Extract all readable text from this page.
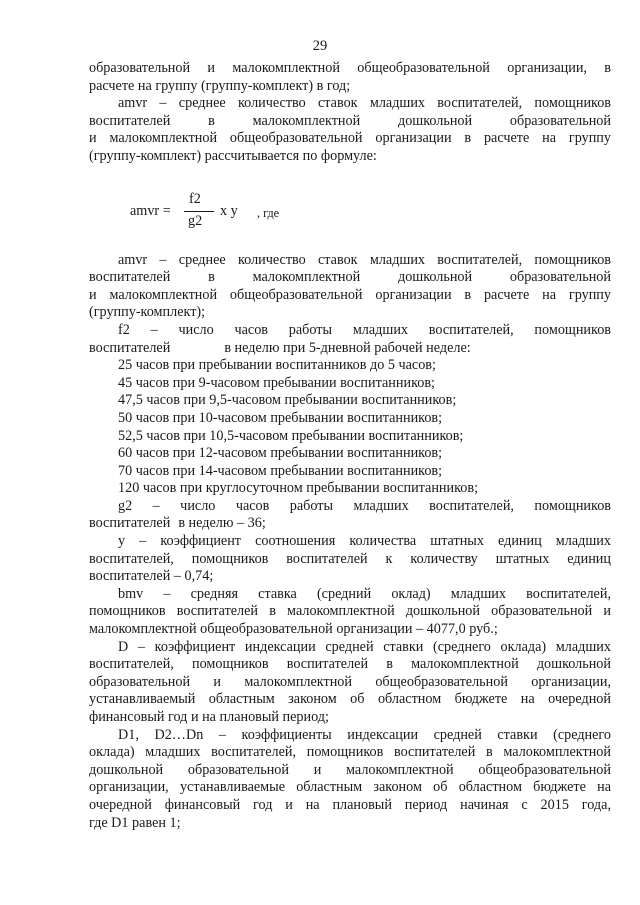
29
образовательной и малокомплектной общеобразовательной организации, в
расчете на группу (группу-комплект) в год;
amvr – среднее количество ставок младших воспитателей, помощников
воспитателей в малокомплектной дошкольной образовательной
и малокомплектной общеобразовательной организации в расчете на группу
(группу-комплект) рассчитывается по формуле:
amvr =
f2
g2
x y , где
amvr – среднее количество ставок младших воспитателей, помощников
воспитателей в малокомплектной дошкольной образовательной
и малокомплектной общеобразовательной организации в расчете на группу
(группу-комплект);
f2 – число часов работы младших воспитателей, помощников
воспитателей	в неделю при 5-дневной рабочей неделе:
25 часов при пребывании воспитанников до 5 часов;
45 часов при 9-часовом пребывании воспитанников;
47,5 часов при 9,5-часовом пребывании воспитанников;
50 часов при 10-часовом пребывании воспитанников;
52,5 часов при 10,5-часовом пребывании воспитанников;
60 часов при 12-часовом пребывании воспитанников;
70 часов при 14-часовом пребывании воспитанников;
120 часов при круглосуточном пребывании воспитанников;
g2 – число часов работы младших воспитателей, помощников
воспитателей в неделю – 36;
y – коэффициент соотношения количества штатных единиц младших
воспитателей, помощников воспитателей к количеству штатных единиц
воспитателей – 0,74;
bmv – средняя ставка (средний оклад) младших воспитателей,
помощников воспитателей в малокомплектной дошкольной образовательной и
малокомплектной общеобразовательной организации – 4077,0 руб.;
D – коэффициент индексации средней ставки (среднего оклада) младших
воспитателей, помощников воспитателей в малокомплектной дошкольной
образовательной и малокомплектной общеобразовательной организации,
устанавливаемый областным законом об областном бюджете на очередной
финансовый год и на плановый период;
D1, D2…Dn – коэффициенты индексации средней ставки (среднего
оклада) младших воспитателей, помощников воспитателей в малокомплектной
дошкольной образовательной и малокомплектной общеобразовательной
организации, устанавливаемые областным законом об областном бюджете на
очередной финансовый год и на плановый период начиная с 2015 года,
где D1 равен 1;
